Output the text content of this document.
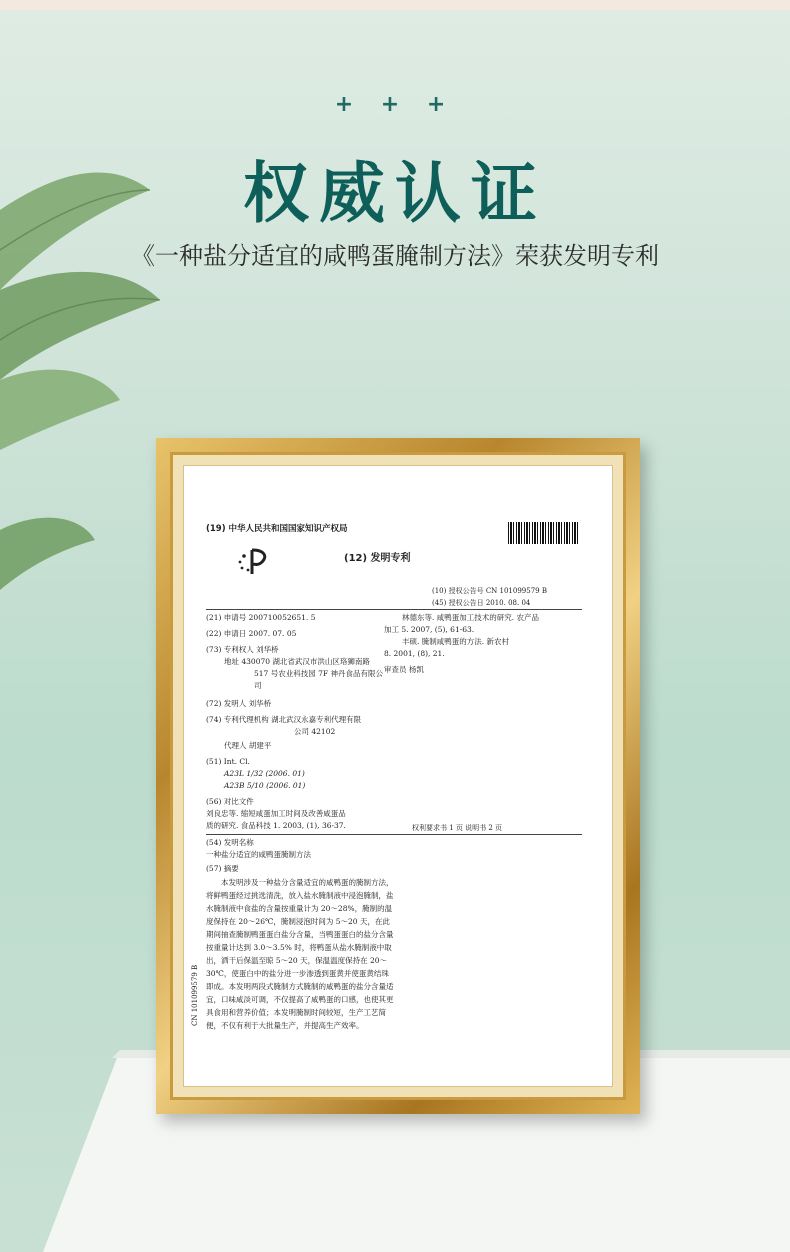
+ + +
权威认证
《一种盐分适宜的咸鸭蛋腌制方法》荣获发明专利
(19) 中华人民共和国国家知识产权局
(12) 发明专利
(10) 授权公告号 CN 101099579 B
(45) 授权公告日 2010. 08. 04
(21) 申请号 200710052651. 5
(22) 申请日 2007. 07. 05
(73) 专利权人 刘华桥
地址 430070 湖北省武汉市洪山区珞狮南路
517 号农业科技园 7F 神丹食品有限公
司
(72) 发明人 刘华桥
(74) 专利代理机构 湖北武汉永嘉专利代理有限
公司 42102
代理人 胡建平
(51) Int. Cl.
A23L 1/32 (2006. 01)
A23B 5/10 (2006. 01)
(56) 对比文件
刘良忠等. 缩短咸蛋加工时间及改善咸蛋品
质的研究. 食品科技 1. 2003, (1), 36-37.
林德东等. 咸鸭蛋加工技术的研究. 农产品
加工 5. 2007, (5), 61-63.
丰硕. 腌制咸鸭蛋的方法. 新农村
8. 2001, (8), 21.
审查员 杨凯
权利要求书 1 页 说明书 2 页
(54) 发明名称
一种盐分适宜的咸鸭蛋腌制方法
(57) 摘要
本发明涉及一种盐分含量适宜的咸鸭蛋的腌制方法，将鲜鸭蛋经过挑选清洗，放入盐水腌制液中浸泡腌制，盐水腌制液中食盐的含量按重量计为 20～28%，腌制的温度保持在 20～26℃，腌制浸泡时间为 5～20 天，在此期间抽查腌制鸭蛋蛋白盐分含量，当鸭蛋蛋白的盐分含量按重量计达到 3.0～3.5% 时，将鸭蛋从盐水腌制液中取出，洒干后保温至晾 5～20 天，保温温度保持在 20～30℃，使蛋白中的盐分进一步渗透到蛋黄并使蛋黄结珠即成。本发明两段式腌制方式腌制的咸鸭蛋的盐分含量适宜，口味咸淡可调，不仅提高了咸鸭蛋的口感，也使其更具食用和营养价值；本发明腌制时间较短，生产工艺简便，不仅有利于大批量生产，并提高生产效率。
CN 101099579 B
